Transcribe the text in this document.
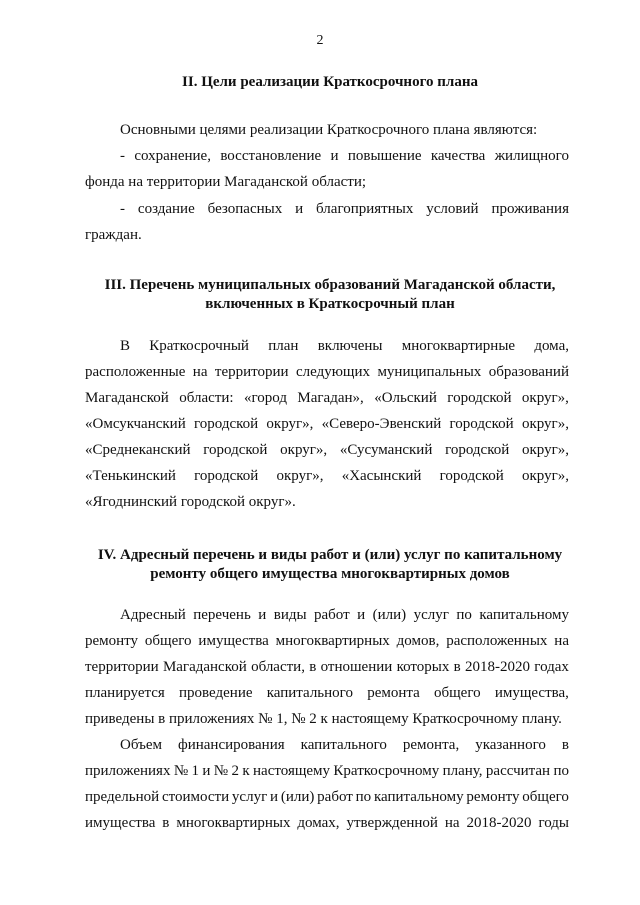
2
II. Цели реализации Краткосрочного плана
Основными целями реализации Краткосрочного плана являются:
- сохранение, восстановление и повышение качества жилищного
фонда на территории Магаданской области;
- создание безопасных и благоприятных условий проживания
граждан.
III. Перечень муниципальных образований Магаданской области,
включенных в Краткосрочный план
В Краткосрочный план включены многоквартирные дома,
расположенные на территории следующих муниципальных образований
Магаданской области: «город Магадан», «Ольский городской округ»,
«Омсукчанский городской округ», «Северо-Эвенский городской округ»,
«Среднеканский городской округ», «Сусуманский городской округ»,
«Тенькинский городской округ», «Хасынский городской округ»,
«Ягоднинский городской округ».
IV. Адресный перечень и виды работ и (или) услуг по капитальному
ремонту общего имущества многоквартирных домов
Адресный перечень и виды работ и (или) услуг по капитальному
ремонту общего имущества многоквартирных домов, расположенных на
территории Магаданской области, в отношении которых в 2018-2020 годах
планируется проведение капитального ремонта общего имущества,
приведены в приложениях № 1, № 2 к настоящему Краткосрочному плану.
Объем финансирования капитального ремонта, указанного в
приложениях № 1 и № 2 к настоящему Краткосрочному плану, рассчитан по
предельной стоимости услуг и (или) работ по капитальному ремонту общего
имущества в многоквартирных домах, утвержденной на 2018-2020 годы
